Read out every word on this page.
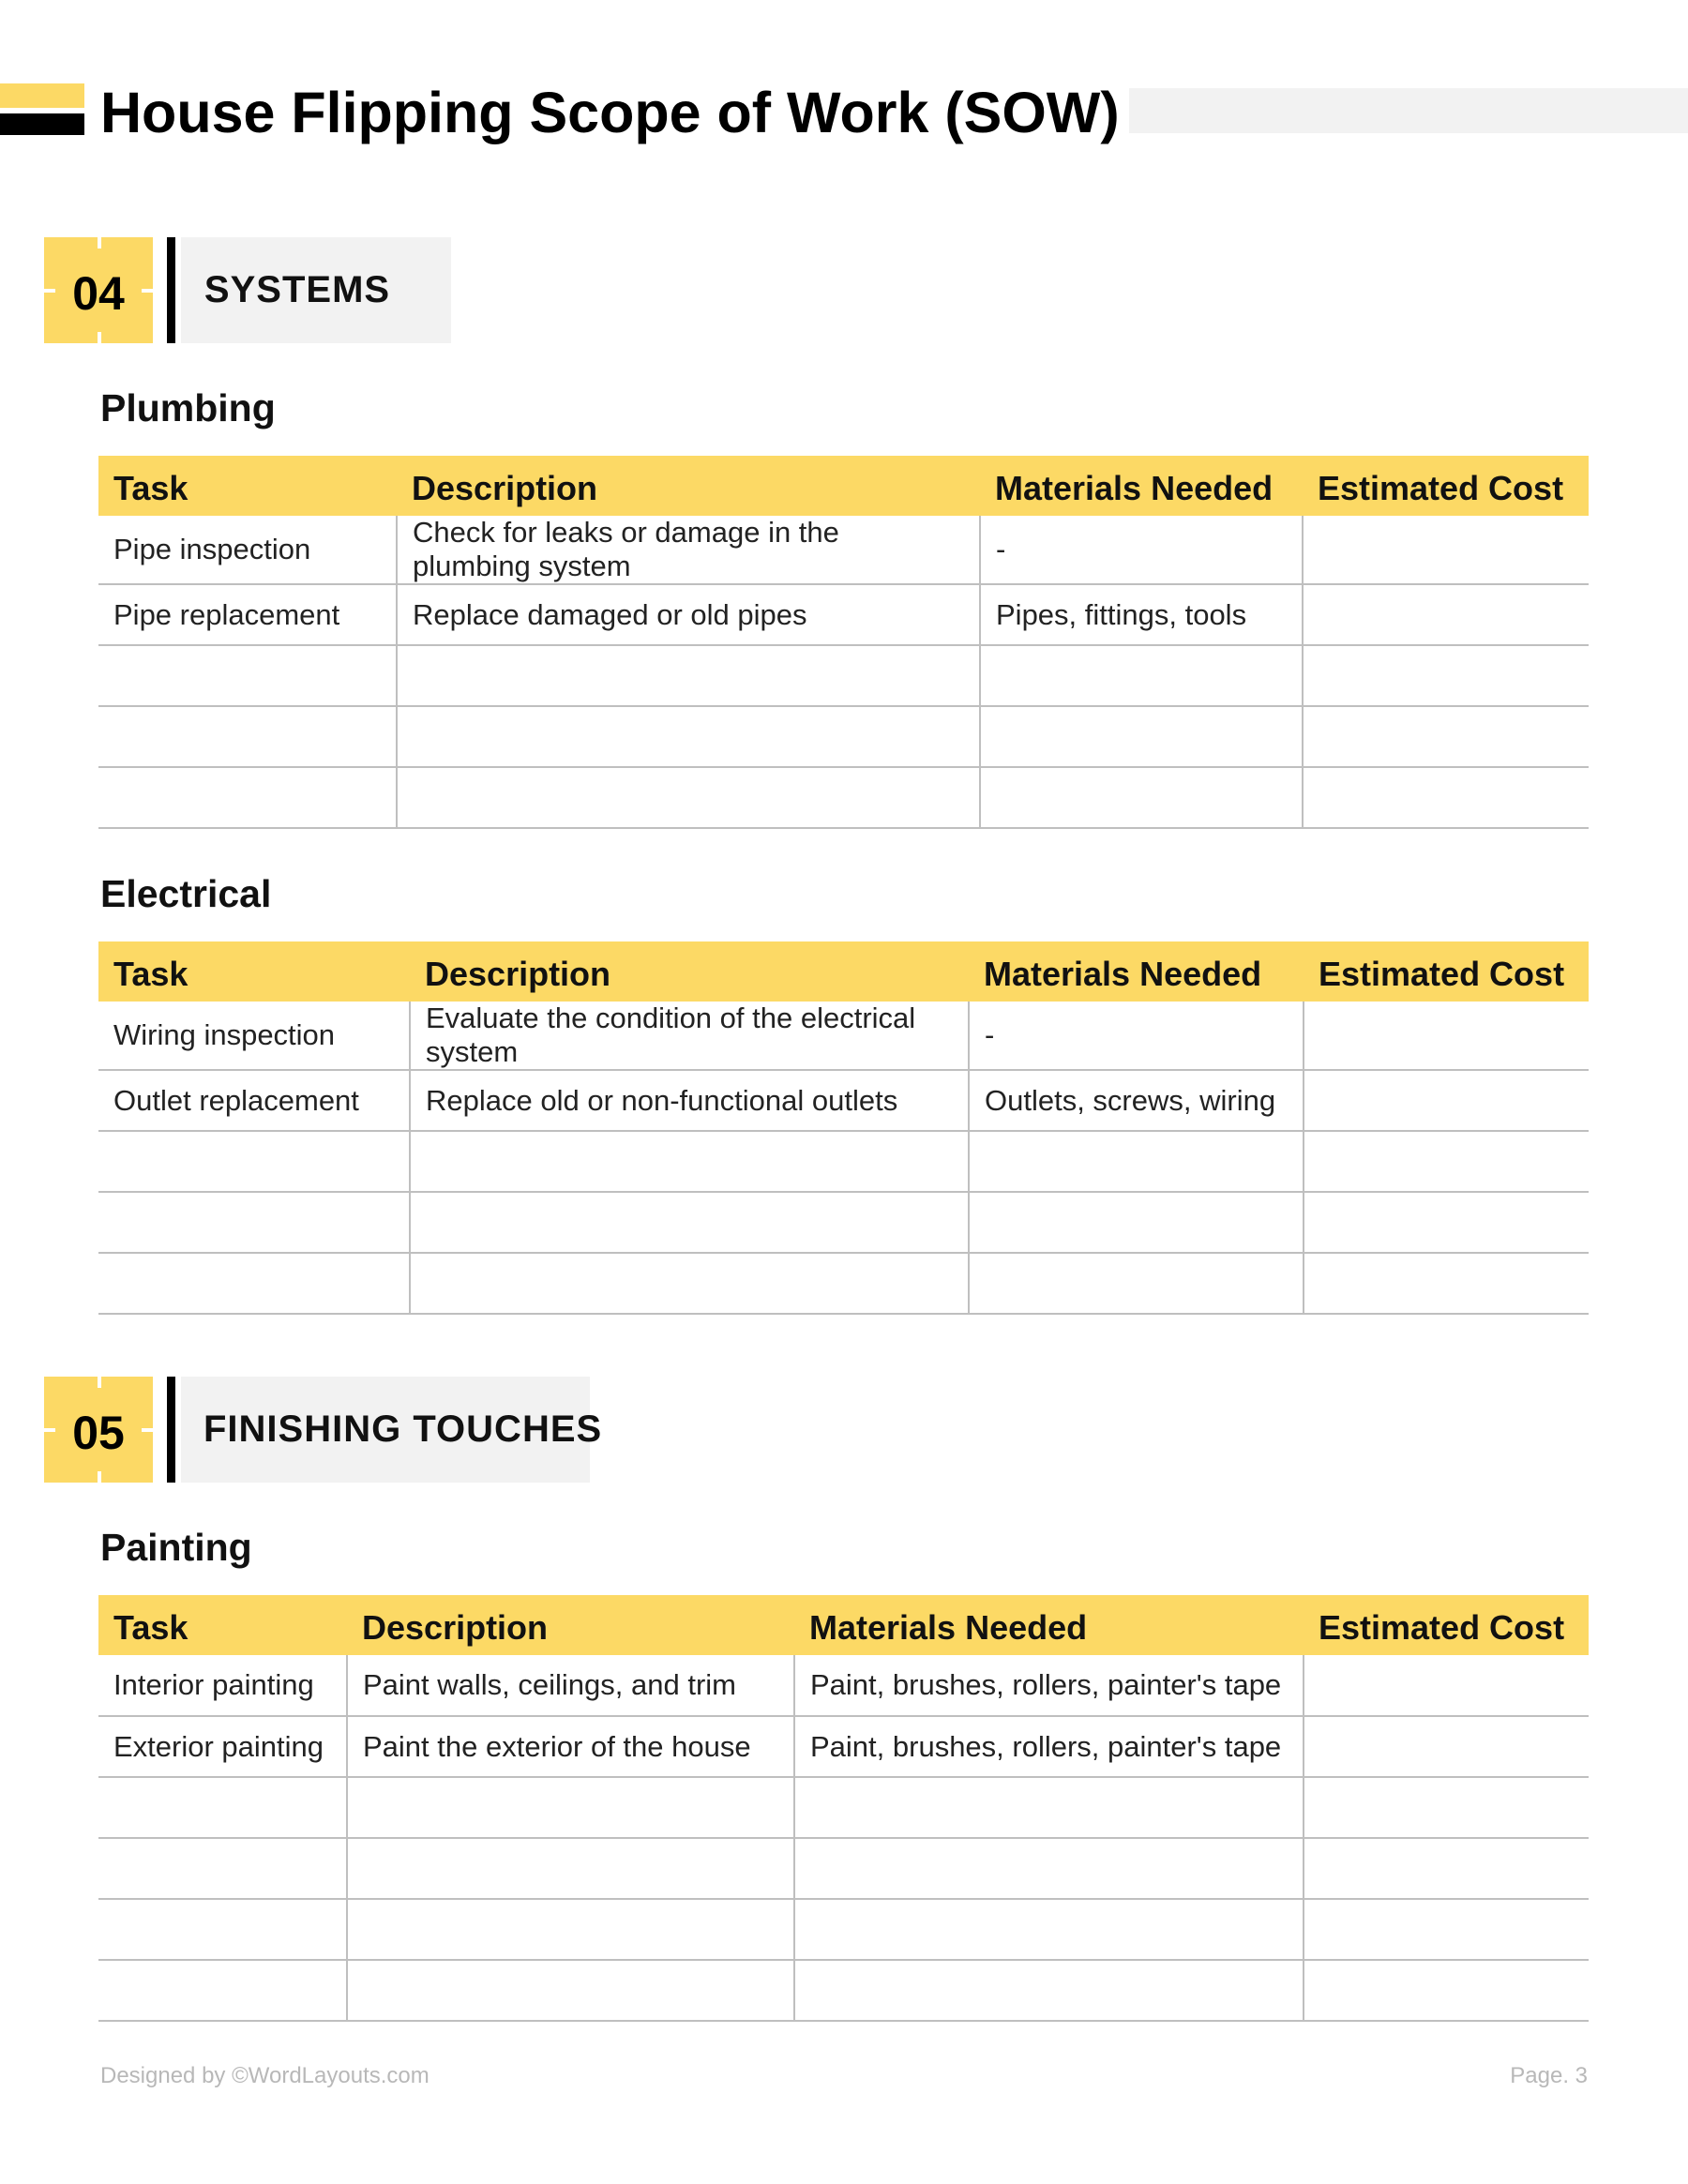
House Flipping Scope of Work (SOW)
04	SYSTEMS
Plumbing
Task	Description	Materials Needed	Estimated Cost
Pipe inspection	Check for leaks or damage in the plumbing system	-	
Pipe replacement	Replace damaged or old pipes	Pipes, fittings, tools	

Electrical
Task	Description	Materials Needed	Estimated Cost
Wiring inspection	Evaluate the condition of the electrical system	-	
Outlet replacement	Replace old or non-functional outlets	Outlets, screws, wiring	

05	FINISHING TOUCHES
Painting
Task	Description	Materials Needed	Estimated Cost
Interior painting	Paint walls, ceilings, and trim	Paint, brushes, rollers, painter's tape	
Exterior painting	Paint the exterior of the house	Paint, brushes, rollers, painter's tape	

Designed by ©WordLayouts.com	Page. 3
